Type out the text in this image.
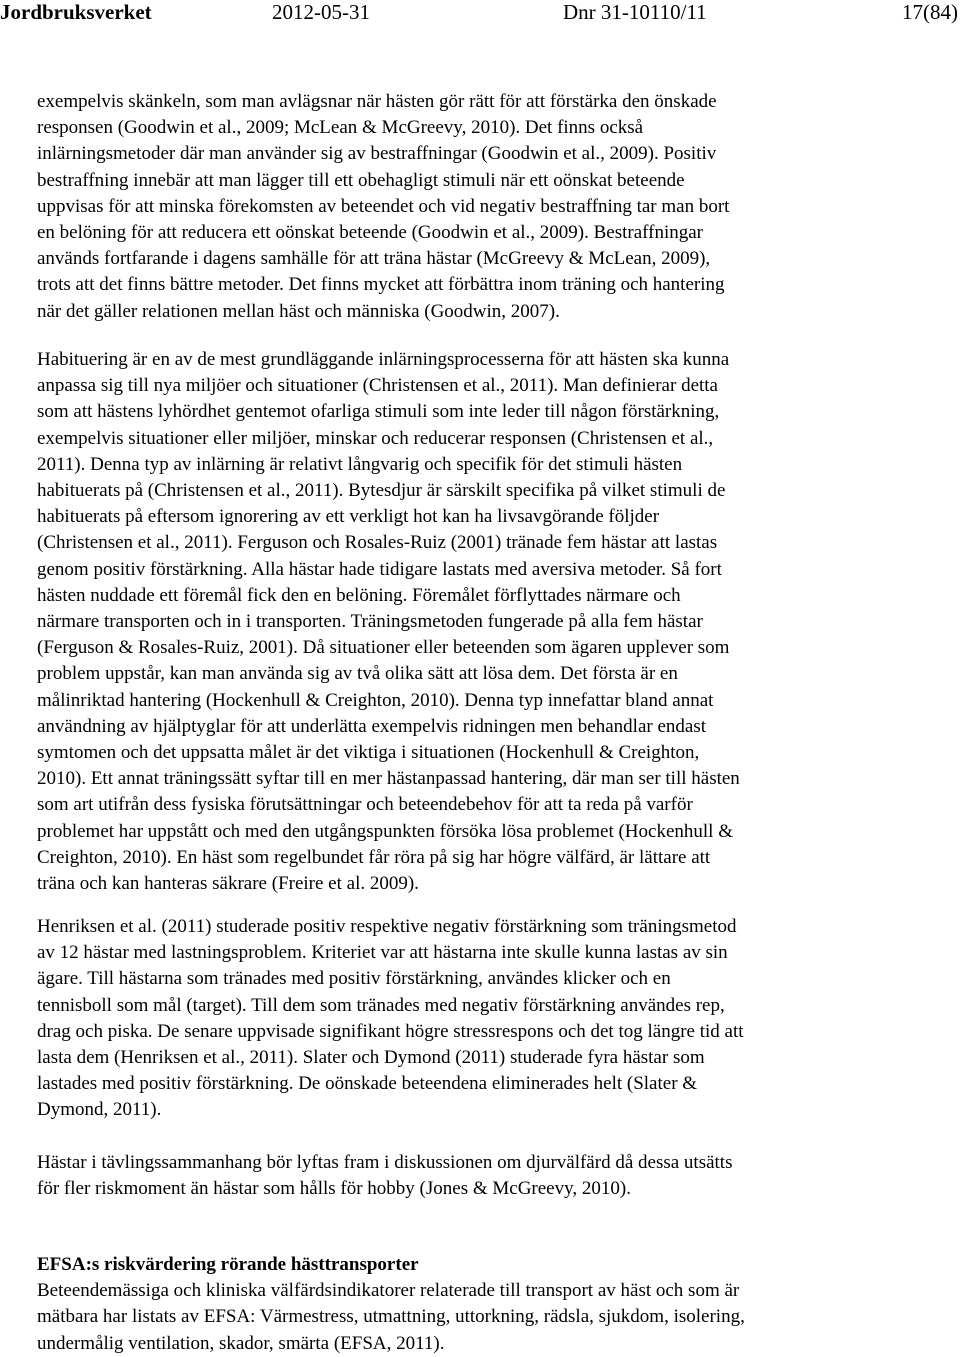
Jordbruksverket	2012-05-31	Dnr 31-10110/11	17(84)
exempelvis skänkeln, som man avlägsnar när hästen gör rätt för att förstärka den önskade
responsen (Goodwin et al., 2009; McLean & McGreevy, 2010). Det finns också
inlärningsmetoder där man använder sig av bestraffningar (Goodwin et al., 2009). Positiv
bestraffning innebär att man lägger till ett obehagligt stimuli när ett oönskat beteende
uppvisas för att minska förekomsten av beteendet och vid negativ bestraffning tar man bort
en belöning för att reducera ett oönskat beteende (Goodwin et al., 2009). Bestraffningar
används fortfarande i dagens samhälle för att träna hästar (McGreevy & McLean, 2009),
trots att det finns bättre metoder. Det finns mycket att förbättra inom träning och hantering
när det gäller relationen mellan häst och människa (Goodwin, 2007).
Habituering är en av de mest grundläggande inlärningsprocesserna för att hästen ska kunna
anpassa sig till nya miljöer och situationer (Christensen et al., 2011). Man definierar detta
som att hästens lyhördhet gentemot ofarliga stimuli som inte leder till någon förstärkning,
exempelvis situationer eller miljöer, minskar och reducerar responsen (Christensen et al.,
2011). Denna typ av inlärning är relativt långvarig och specifik för det stimuli hästen
habituerats på (Christensen et al., 2011). Bytesdjur är särskilt specifika på vilket stimuli de
habituerats på eftersom ignorering av ett verkligt hot kan ha livsavgörande följder
(Christensen et al., 2011). Ferguson och Rosales-Ruiz (2001) tränade fem hästar att lastas
genom positiv förstärkning. Alla hästar hade tidigare lastats med aversiva metoder. Så fort
hästen nuddade ett föremål fick den en belöning. Föremålet förflyttades närmare och
närmare transporten och in i transporten. Träningsmetoden fungerade på alla fem hästar
(Ferguson & Rosales-Ruiz, 2001). Då situationer eller beteenden som ägaren upplever som
problem uppstår, kan man använda sig av två olika sätt att lösa dem. Det första är en
målinriktad hantering (Hockenhull & Creighton, 2010). Denna typ innefattar bland annat
användning av hjälptyglar för att underlätta exempelvis ridningen men behandlar endast
symtomen och det uppsatta målet är det viktiga i situationen (Hockenhull & Creighton,
2010). Ett annat träningssätt syftar till en mer hästanpassad hantering, där man ser till hästen
som art utifrån dess fysiska förutsättningar och beteendebehov för att ta reda på varför
problemet har uppstått och med den utgångspunkten försöka lösa problemet (Hockenhull &
Creighton, 2010). En häst som regelbundet får röra på sig har högre välfärd, är lättare att
träna och kan hanteras säkrare (Freire et al. 2009).
Henriksen et al. (2011) studerade positiv respektive negativ förstärkning som träningsmetod
av 12 hästar med lastningsproblem. Kriteriet var att hästarna inte skulle kunna lastas av sin
ägare. Till hästarna som tränades med positiv förstärkning, användes klicker och en
tennisboll som mål (target). Till dem som tränades med negativ förstärkning användes rep,
drag och piska. De senare uppvisade signifikant högre stressrespons och det tog längre tid att
lasta dem (Henriksen et al., 2011). Slater och Dymond (2011) studerade fyra hästar som
lastades med positiv förstärkning. De oönskade beteendena eliminerades helt (Slater &
Dymond, 2011).
Hästar i tävlingssammanhang bör lyftas fram i diskussionen om djurvälfärd då dessa utsätts
för fler riskmoment än hästar som hålls för hobby (Jones & McGreevy, 2010).
EFSA:s riskvärdering rörande hästtransporter
Beteendemässiga och kliniska välfärdsindikatorer relaterade till transport av häst och som är
mätbara har listats av EFSA: Värmestress, utmattning, uttorkning, rädsla, sjukdom, isolering,
undermålig ventilation, skador, smärta (EFSA, 2011).
